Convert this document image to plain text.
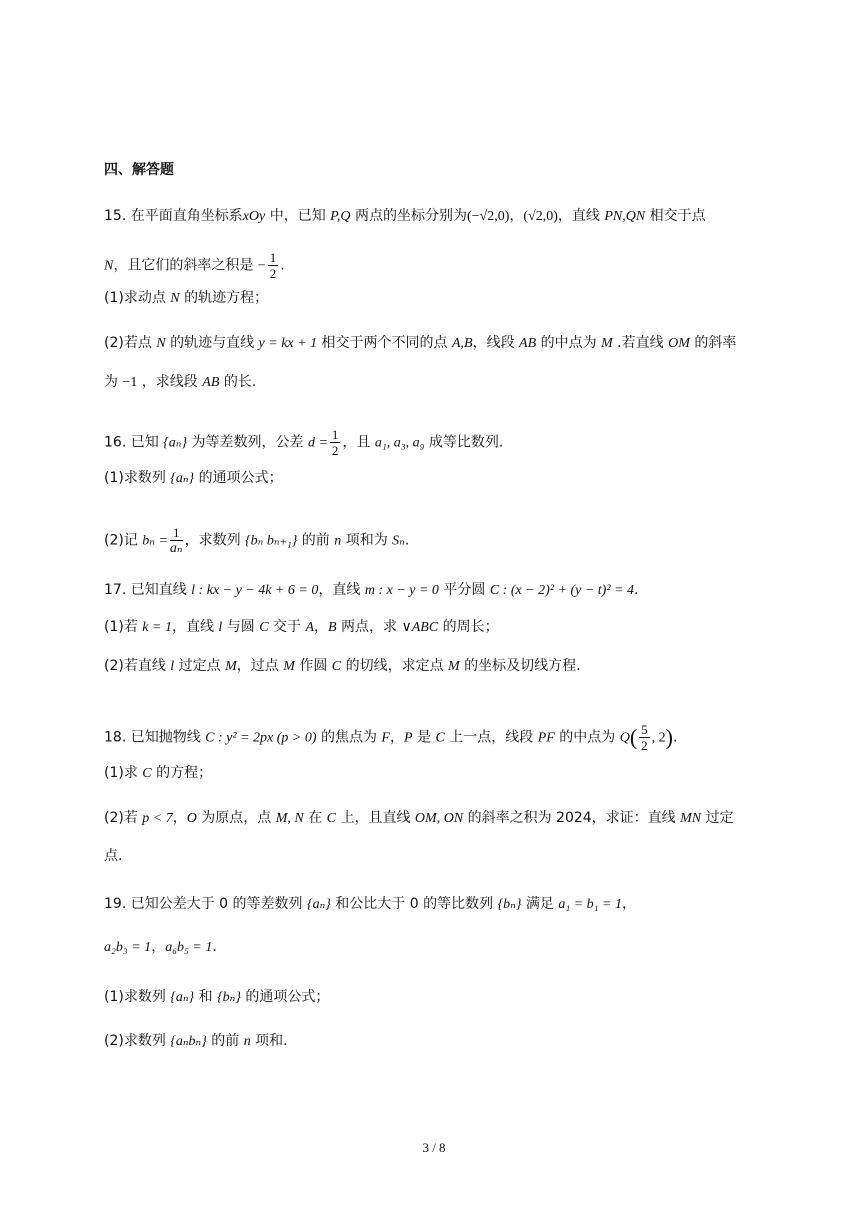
四、解答题
15. 在平面直角坐标系xOy 中，已知 P,Q 两点的坐标分别为(−√2,0)，(√2,0)，直线 PN,QN 相交于点
N，且它们的斜率之积是 − $\frac{1}{2}$ .
(1)求动点 N 的轨迹方程；
(2)若点 N 的轨迹与直线 y = kx + 1 相交于两个不同的点 A,B，线段 AB 的中点为 M .若直线 OM 的斜率
为 −1 ，求线段 AB 的长.
16. 已知 {aₙ} 为等差数列，公差 $d = \frac{1}{2}$ ，且 a₁, a₃, a₉ 成等比数列.
(1)求数列 {aₙ} 的通项公式；
(2)记 $b_n = \frac{1}{\text{aₙ}}$ ，求数列 {bₙ bₙ₊₁} 的前 n 项和为 Sₙ.
17. 已知直线 l : kx − y − 4k + 6 = 0，直线 m : x − y = 0 平分圆 C : (x − 2)² + (y − t)² = 4.
(1)若 k = 1，直线 l 与圆 C 交于 A，B 两点，求 ∨ABC 的周长；
(2)若直线 l 过定点 M，过点 M 作圆 C 的切线，求定点 M 的坐标及切线方程.
18. 已知抛物线 C : y² = 2px (p > 0) 的焦点为 F，P 是 C 上一点，线段 PF 的中点为 $Q( \frac{5}{2}$ , 2).
(1)求 C 的方程；
(2)若 p < 7，O 为原点，点 M, N 在 C 上，且直线 OM, ON 的斜率之积为 2024，求证：直线 MN 过定
点.
19. 已知公差大于 0 的等差数列 {aₙ} 和公比大于 0 的等比数列 {bₙ} 满足 a₁ = b₁ = 1，
a₂b₃ = 1，a₆b₅ = 1.
(1)求数列 {aₙ} 和 {bₙ} 的通项公式；
(2)求数列 {aₙbₙ} 的前 n 项和.
3 / 8
